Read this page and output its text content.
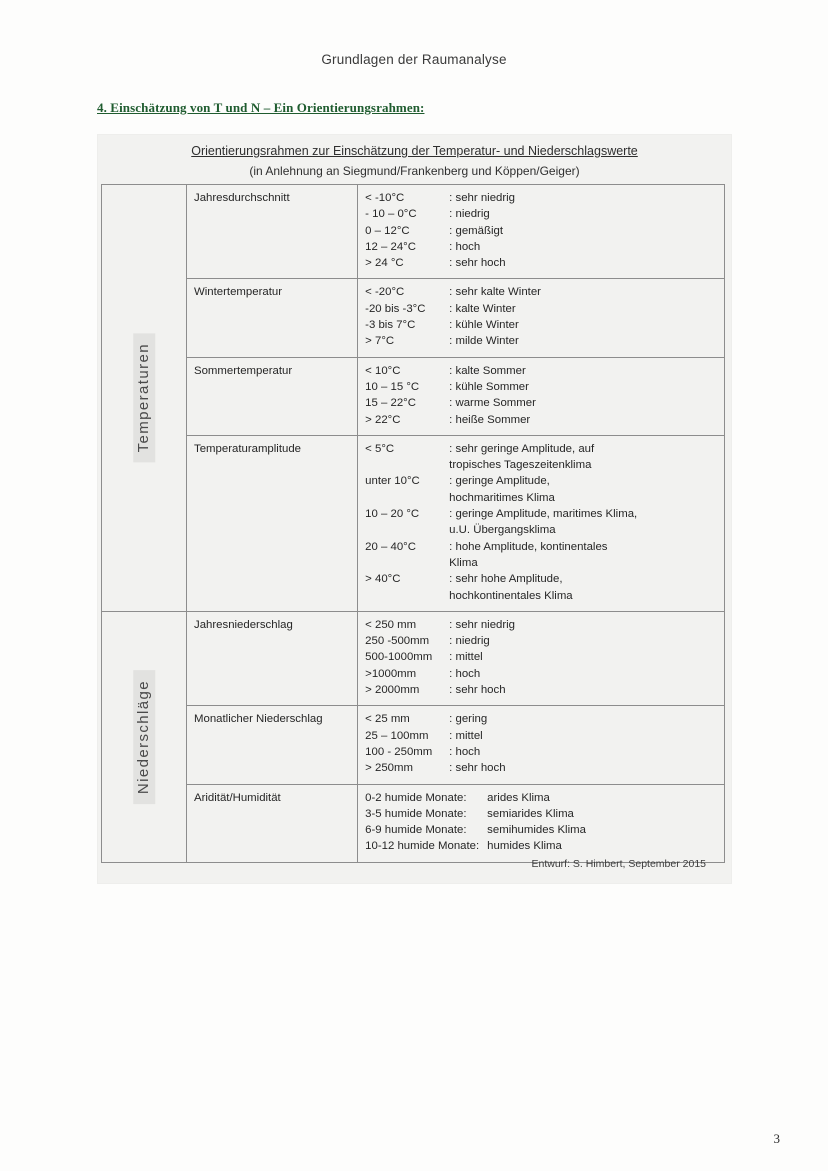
Grundlagen der Raumanalyse
4. Einschätzung von T und N – Ein Orientierungsrahmen:
Orientierungsrahmen zur Einschätzung der Temperatur- und Niederschlagswerte
(in Anlehnung an Siegmund/Frankenberg und Köppen/Geiger)
Temperaturen
	Jahresdurchschnitt	< -10°C	: sehr niedrig
- 10 – 0°C	: niedrig
0 – 12°C	: gemäßigt
12 – 24°C	: hoch
> 24 °C	: sehr hoch

Wintertemperatur	< -20°C	: sehr kalte Winter
-20 bis -3°C	: kalte Winter
-3 bis 7°C	: kühle Winter
> 7°C	: milde Winter

Sommertemperatur	< 10°C	: kalte Sommer
10 – 15 °C	: kühle Sommer
15 – 22°C	: warme Sommer
> 22°C	: heiße Sommer

Temperaturamplitude	< 5°C	: sehr geringe Amplitude, auf
tropisches Tageszeitenklima
unter 10°C	: geringe Amplitude,
hochmaritimes Klima
10 – 20 °C	: geringe Amplitude, maritimes Klima,
u.U. Übergangsklima
20 – 40°C	: hohe Amplitude, kontinentales
Klima
> 40°C	: sehr hohe Amplitude,
hochkontinentales Klima

Niederschläge
	Jahresniederschlag	< 250 mm	: sehr niedrig
250 -500mm	: niedrig
500-1000mm	: mittel
>1000mm	: hoch
> 2000mm	: sehr hoch

Monatlicher Niederschlag	< 25 mm	: gering
25 – 100mm	: mittel
100 - 250mm	: hoch
> 250mm	: sehr hoch

Aridität/Humidität	0-2 humide Monate:	arides Klima
3-5 humide Monate:	semiarides Klima
6-9 humide Monate:	semihumides Klima
10-12 humide Monate: humides Klima
Entwurf: S. Himbert, September 2015
3
